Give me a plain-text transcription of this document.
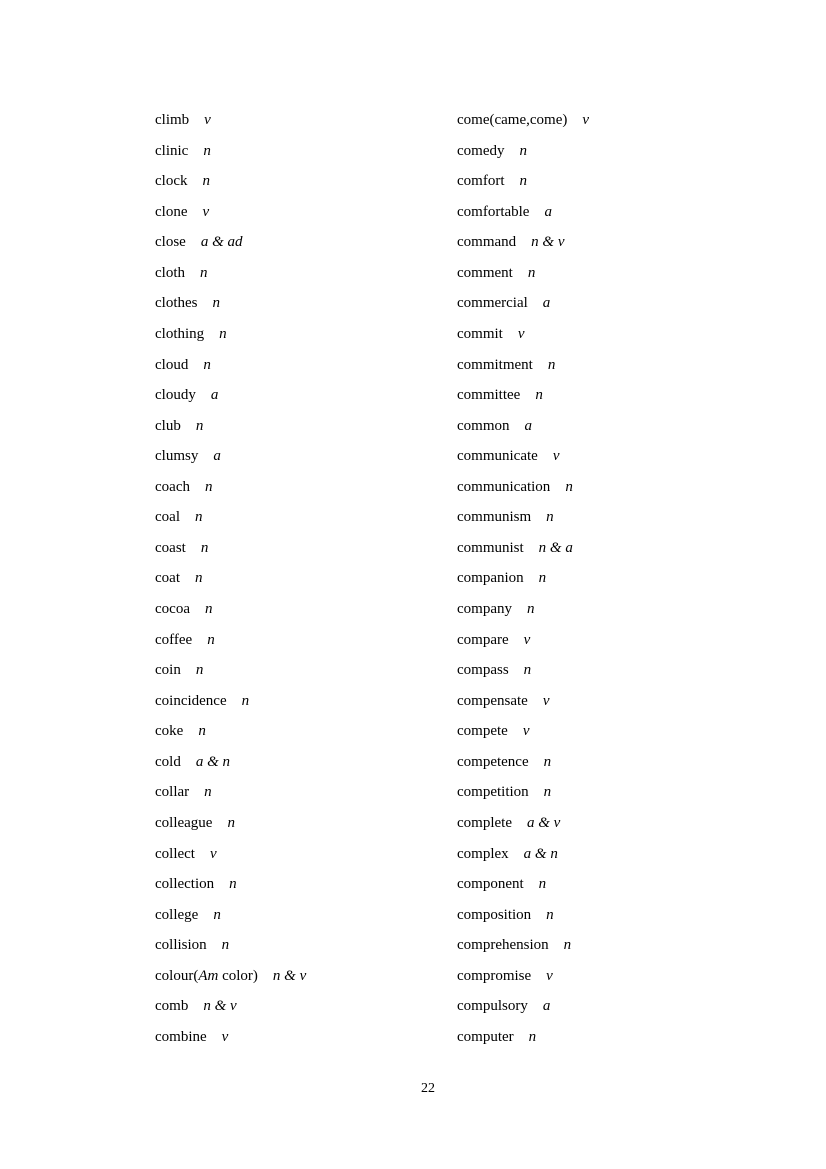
climb v
clinic n
clock n
clone v
close a & ad
cloth n
clothes n
clothing n
cloud n
cloudy a
club n
clumsy a
coach n
coal n
coast n
coat n
cocoa n
coffee n
coin n
coincidence n
coke n
cold a & n
collar n
colleague n
collect v
collection n
college n
collision n
colour(Am color) n & v
comb n & v
combine v
come(came,come) v
comedy n
comfort n
comfortable a
command n & v
comment n
commercial a
commit v
commitment n
committee n
common a
communicate v
communication n
communism n
communist n & a
companion n
company n
compare v
compass n
compensate v
compete v
competence n
competition n
complete a & v
complex a & n
component n
composition n
comprehension n
compromise v
compulsory a
computer n
22
